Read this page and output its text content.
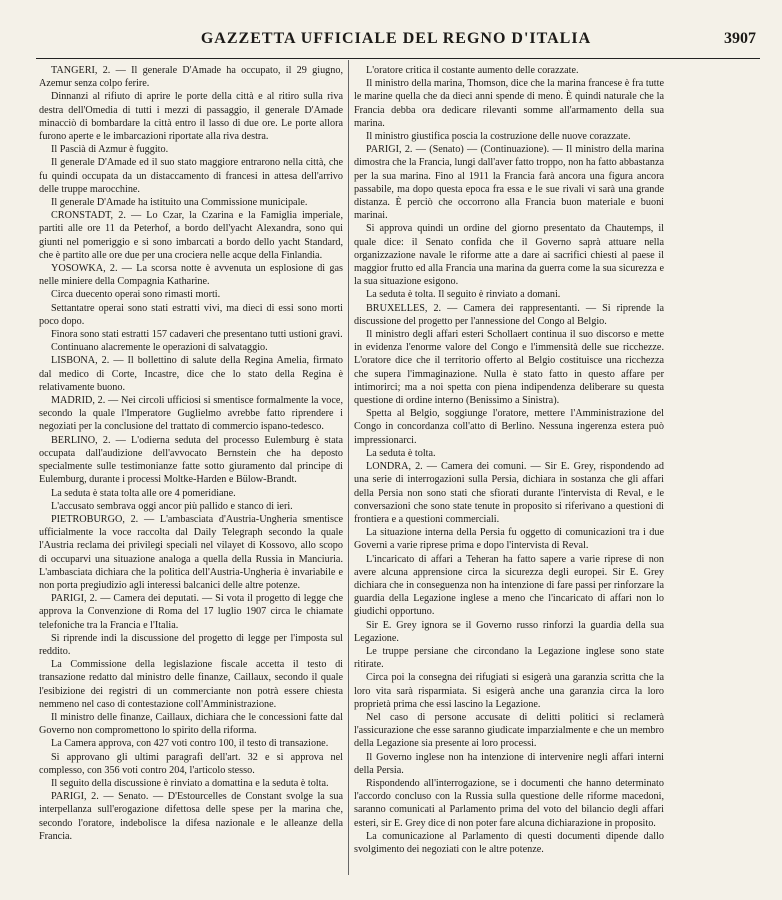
GAZZETTA UFFICIALE DEL REGNO D'ITALIA	3907

TANGERI, 2. — Il generale D'Amade ha occupato, il 29 giugno, Azemur senza colpo ferire.

Dinnanzi al rifiuto di aprire le porte della città e al ritiro sulla riva destra dell'Omedia di tutti i mezzi di passaggio, il generale D'Amade minacciò di bombardare la città entro il lasso di due ore. Le porte allora furono aperte e le imbarcazioni riportate alla riva destra.

Il Pascià di Azmur è fuggito.

Il generale D'Amade ed il suo stato maggiore entrarono nella città, che fu quindi occupata da un distaccamento di francesi in attesa dell'arrivo delle truppe marocchine.

Il generale D'Amade ha istituito una Commissione municipale.

CRONSTADT, 2. — Lo Czar, la Czarina e la Famiglia imperiale, partiti alle ore 11 da Peterhof, a bordo dell'yacht Alexandra, sono qui giunti nel pomeriggio e si sono imbarcati a bordo dello yacht Standard, che è partito alle ore due per una crociera nelle acque della Finlandia.

YOSOWKA, 2. — La scorsa notte è avvenuta un esplosione di gas nelle miniere della Compagnia Katharine.

Circa duecento operai sono rimasti morti.

Settantatre operai sono stati estratti vivi, ma dieci di essi sono morti poco dopo.

Finora sono stati estratti 157 cadaveri che presentano tutti ustioni gravi.

Continuano alacremente le operazioni di salvataggio.

LISBONA, 2. — Il bollettino di salute della Regina Amelia, firmato dal medico di Corte, Incastre, dice che lo stato della Regina è relativamente buono.

MADRID, 2. — Nei circoli ufficiosi si smentisce formalmente la voce, secondo la quale l'Imperatore Guglielmo avrebbe fatto riprendere i negoziati per la conclusione del trattato di commercio ispano-tedesco.

BERLINO, 2. — L'odierna seduta del processo Eulemburg è stata occupata dall'audizione dell'avvocato Bernstein che ha deposto specialmente sulle testimonianze fatte sotto giuramento dal principe di Eulemburg, durante i processi Moltke-Harden e Bülow-Brandt.

La seduta è stata tolta alle ore 4 pomeridiane.

L'accusato sembrava oggi ancor più pallido e stanco di ieri.

PIETROBURGO, 2. — L'ambasciata d'Austria-Ungheria smentisce ufficialmente la voce raccolta dal Daily Telegraph secondo la quale l'Austria reclama dei privilegi speciali nel vilayet di Kossovo, allo scopo di occuparvi una situazione analoga a quella della Russia in Manciuria. L'ambasciata dichiara che la politica dell'Austria-Ungheria è invariabile e non porta pregiudizio agli interessi balcanici delle altre potenze.

PARIGI, 2. — Camera dei deputati. — Si vota il progetto di legge che approva la Convenzione di Roma del 17 luglio 1907 circa le chiamate telefoniche tra la Francia e l'Italia.

Si riprende indi la discussione del progetto di legge per l'imposta sul reddito.

La Commissione della legislazione fiscale accetta il testo di transazione redatto dal ministro delle finanze, Caillaux, secondo il quale l'esibizione dei registri di un commerciante non potrà essere chiesta nemmeno nel caso di contestazione coll'Amministrazione.

Il ministro delle finanze, Caillaux, dichiara che le concessioni fatte dal Governo non compromettono lo spirito della riforma.

La Camera approva, con 427 voti contro 100, il testo di transazione.

Si approvano gli ultimi paragrafi dell'art. 32 e si approva nel complesso, con 356 voti contro 204, l'articolo stesso.

Il seguito della discussione è rinviato a domattina e la seduta è tolta.

PARIGI, 2. — Senato. — D'Estourcelles de Constant svolge la sua interpellanza sull'erogazione difettosa delle spese per la marina che, secondo l'oratore, indebolisce la difesa nazionale e le alleanze della Francia.

L'oratore critica il costante aumento delle corazzate.

Il ministro della marina, Thomson, dice che la marina francese è fra tutte le marine quella che da dieci anni spende di meno. È quindi naturale che la Francia debba ora dedicare rilevanti somme all'armamento della sua marina.

Il ministro giustifica poscia la costruzione delle nuove corazzate.

PARIGI, 2. — (Senato) — (Continuazione). — Il ministro della marina dimostra che la Francia, lungi dall'aver fatto troppo, non ha fatto abbastanza per la sua marina. Fino al 1911 la Francia farà ancora una figura ancora passabile, ma dopo questa epoca fra essa e le sue rivali vi sarà una grande distanza. È perciò che occorrono alla Francia buon materiale e buoni marinai.

Si approva quindi un ordine del giorno presentato da Chautemps, il quale dice: il Senato confida che il Governo saprà attuare nella organizzazione navale le riforme atte a dare ai sacrifici chiesti al paese il maggior frutto ed alla Francia una marina da guerra come la sua sicurezza e la sua situazione esigono.

La seduta è tolta. Il seguito è rinviato a domani.

BRUXELLES, 2. — Camera dei rappresentanti. — Si riprende la discussione del progetto per l'annessione del Congo al Belgio.

Il ministro degli affari esteri Schollaert continua il suo discorso e mette in evidenza l'enorme valore del Congo e l'immensità delle sue ricchezze. L'oratore dice che il territorio offerto al Belgio costituisce una ricchezza che supera l'immaginazione. Nulla è stato fatto in questo affare per intimorirci; ma a noi spetta con piena indipendenza deliberare su questa questione di ordine interno (Benissimo a Sinistra).

Spetta al Belgio, soggiunge l'oratore, mettere l'Amministrazione del Congo in concordanza coll'atto di Berlino. Nessuna ingerenza estera può impressionarci.

La seduta è tolta.

LONDRA, 2. — Camera dei comuni. — Sir E. Grey, rispondendo ad una serie di interrogazioni sulla Persia, dichiara in sostanza che gli affari della Persia non sono stati che sfiorati durante l'intervista di Reval, e le conversazioni che sono state tenute in proposito si riferivano a questioni di frontiera e a questioni commerciali.

La situazione interna della Persia fu oggetto di comunicazioni tra i due Governi a varie riprese prima e dopo l'intervista di Reval.

L'incaricato di affari a Teheran ha fatto sapere a varie riprese di non avere alcuna apprensione circa la sicurezza degli europei. Sir E. Grey dichiara che in conseguenza non ha intenzione di fare passi per rinforzare la guardia della Legazione inglese a meno che l'incaricato di affari non lo giudichi opportuno.

Sir E. Grey ignora se il Governo russo rinforzi la guardia della sua Legazione.

Le truppe persiane che circondano la Legazione inglese sono state ritirate.

Circa poi la consegna dei rifugiati si esigerà una garanzia scritta che la loro vita sarà risparmiata. Si esigerà anche una garanzia circa la loro proprietà prima che essi lascino la Legazione.

Nel caso di persone accusate di delitti politici si reclamerà l'assicurazione che esse saranno giudicate imparzialmente e che un membro della Legazione sia presente ai loro processi.

Il Governo inglese non ha intenzione di intervenire negli affari interni della Persia.

Rispondendo all'interrogazione, se i documenti che hanno determinato l'accordo concluso con la Russia sulla questione delle riforme macedoni, saranno comunicati al Parlamento prima del voto del bilancio degli affari esteri, sir E. Grey dice di non poter fare alcuna dichiarazione in proposito.

La comunicazione al Parlamento di questi documenti dipende dallo svolgimento dei negoziati con le altre potenze.
